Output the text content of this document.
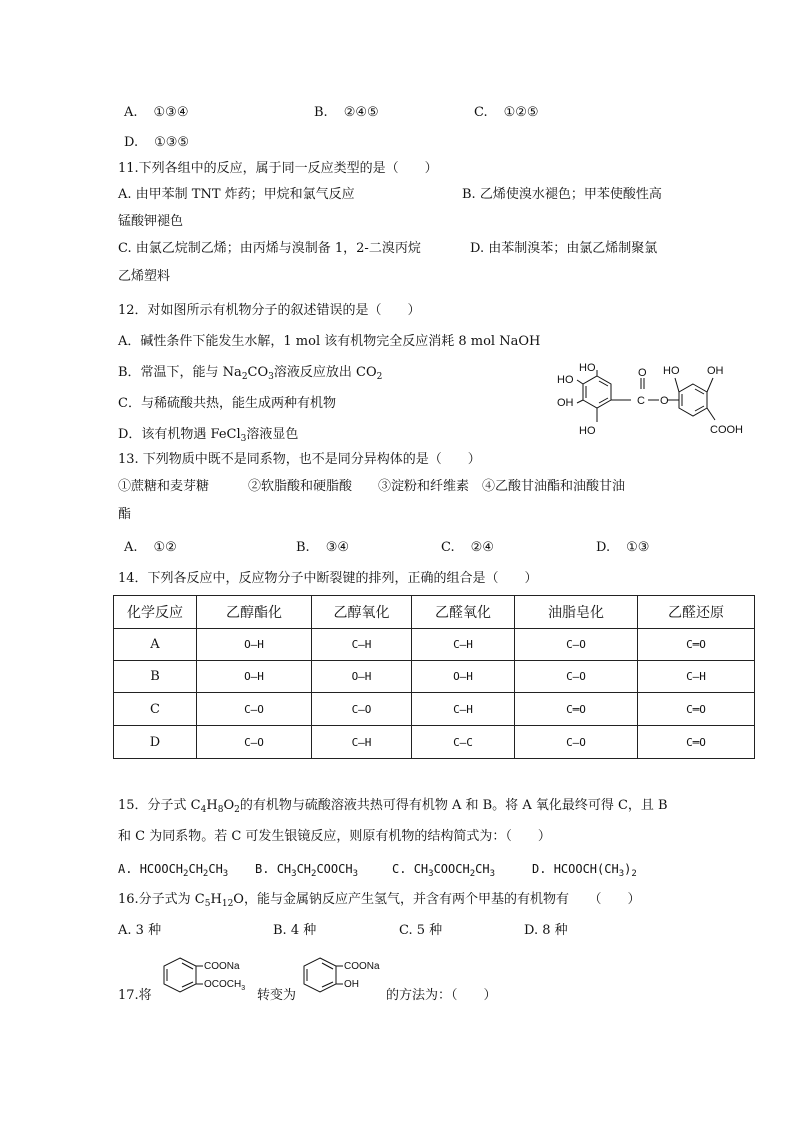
A. ①③④	B. ②④⑤	C. ①②⑤
D. ①③⑤
11.下列各组中的反应，属于同一反应类型的是（　　）
A. 由甲苯制 TNT 炸药；甲烷和氯气反应	B. 乙烯使溴水褪色；甲苯使酸性高
锰酸钾褪色
C. 由氯乙烷制乙烯；由丙烯与溴制备 1，2-二溴丙烷	D. 由苯制溴苯；由氯乙烯制聚氯
乙烯塑料
12．对如图所示有机物分子的叙述错误的是（　　）
A．碱性条件下能发生水解，1 mol 该有机物完全反应消耗 8 mol NaOH
B．常温下，能与 $Na_2CO_3$溶液反应放出 $CO_2$
C．与稀硫酸共热，能生成两种有机物
D．该有机物遇 FeCl$_3$溶液显色
HO
OH
HO
HO
O
C O
HO	OH
COOH
13. 下列物质中既不是同系物，也不是同分异构体的是（　　）
①蔗糖和麦芽糖　　　②软脂酸和硬脂酸　　③淀粉和纤维素　④乙酸甘油酯和油酸甘油
酯
A. ①②	B. ③④	C. ②④	D. ①③
14．下列各反应中，反应物分子中断裂键的排列，正确的组合是（　　）
化学反应	乙醇酯化	乙醇氧化	乙醛氧化	油脂皂化	乙醛还原
A	O—H	C—H	C—H	C—O	C═O
B	O—H	O—H	O—H	C—O	C—H
C	C—O	C—O	C—H	C═O	C═O
D	C—O	C—H	C—C	C—O	C═O
15．分子式 $C_4H_8O_2$的有机物与硫酸溶液共热可得有机物 A 和 B。将 A 氧化最终可得 C，且 B
和 C 为同系物。若 C 可发生银镜反应，则原有机物的结构简式为：（　　）
A. $HCOOCH_2CH_2CH_3$ B. $CH_3CH_2COOCH_3$	C. $CH_3COOCH_2CH_3$	D. $HCOOCH(CH_3)_2$
16.分子式为 $C_5H_{12}O$，能与金属钠反应产生氢气，并含有两个甲基的有机物有　　（　　）
A. 3 种	B. 4 种	C. 5 种	D. 8 种
17.将
COONa
$OCOCH_3$ 转变为
COONa
OH
的方法为：（　　）
